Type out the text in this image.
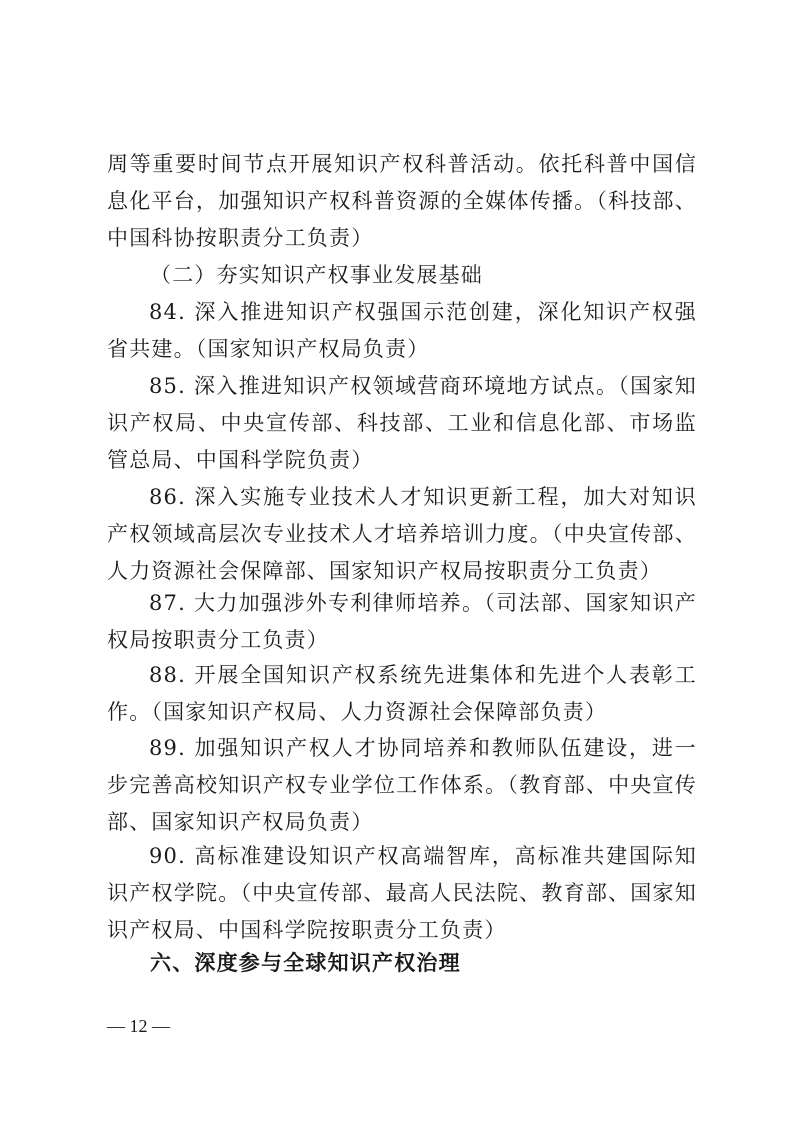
周等重要时间节点开展知识产权科普活动。依托科普中国信息化平台，加强知识产权科普资源的全媒体传播。（科技部、中国科协按职责分工负责）

（二）夯实知识产权事业发展基础

84. 深入推进知识产权强国示范创建，深化知识产权强省共建。（国家知识产权局负责）

85. 深入推进知识产权领域营商环境地方试点。（国家知识产权局、中央宣传部、科技部、工业和信息化部、市场监管总局、中国科学院负责）

86. 深入实施专业技术人才知识更新工程，加大对知识产权领域高层次专业技术人才培养培训力度。（中央宣传部、人力资源社会保障部、国家知识产权局按职责分工负责）

87. 大力加强涉外专利律师培养。（司法部、国家知识产权局按职责分工负责）

88. 开展全国知识产权系统先进集体和先进个人表彰工作。（国家知识产权局、人力资源社会保障部负责）

89. 加强知识产权人才协同培养和教师队伍建设，进一步完善高校知识产权专业学位工作体系。（教育部、中央宣传部、国家知识产权局负责）

90. 高标准建设知识产权高端智库，高标准共建国际知识产权学院。（中央宣传部、最高人民法院、教育部、国家知识产权局、中国科学院按职责分工负责）

六、深度参与全球知识产权治理

— 12 —
